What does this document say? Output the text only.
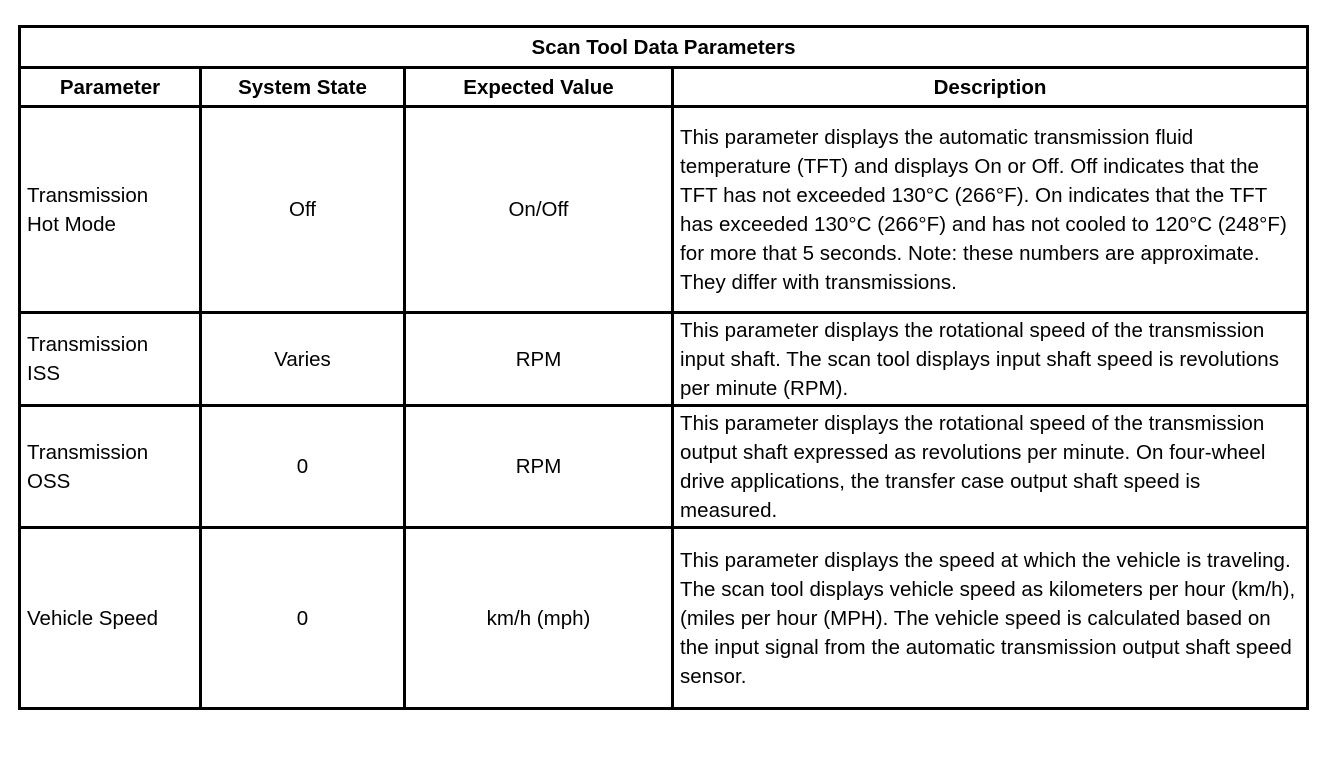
Scan Tool Data Parameters			
Parameter	System State	Expected Value	Description
Transmission
Hot Mode	Off	On/Off	This parameter displays the automatic transmission fluid temperature (TFT) and displays On or Off. Off indicates that the TFT has not exceeded 130°C (266°F). On indicates that the TFT has exceeded 130°C (266°F) and has not cooled to 120°C (248°F) for more that 5 seconds. Note: these numbers are approximate. They differ with transmissions.
Transmission
ISS	Varies	RPM	This parameter displays the rotational speed of the transmission input shaft. The scan tool displays input shaft speed is revolutions per minute (RPM).
Transmission
OSS	0	RPM	This parameter displays the rotational speed of the transmission output shaft expressed as revolutions per minute. On four-wheel drive applications, the transfer case output shaft speed is measured.
Vehicle Speed	0	km/h (mph)	This parameter displays the speed at which the vehicle is traveling. The scan tool displays vehicle speed as kilometers per hour (km/h), (miles per hour (MPH). The vehicle speed is calculated based on the input signal from the automatic transmission output shaft speed sensor.
